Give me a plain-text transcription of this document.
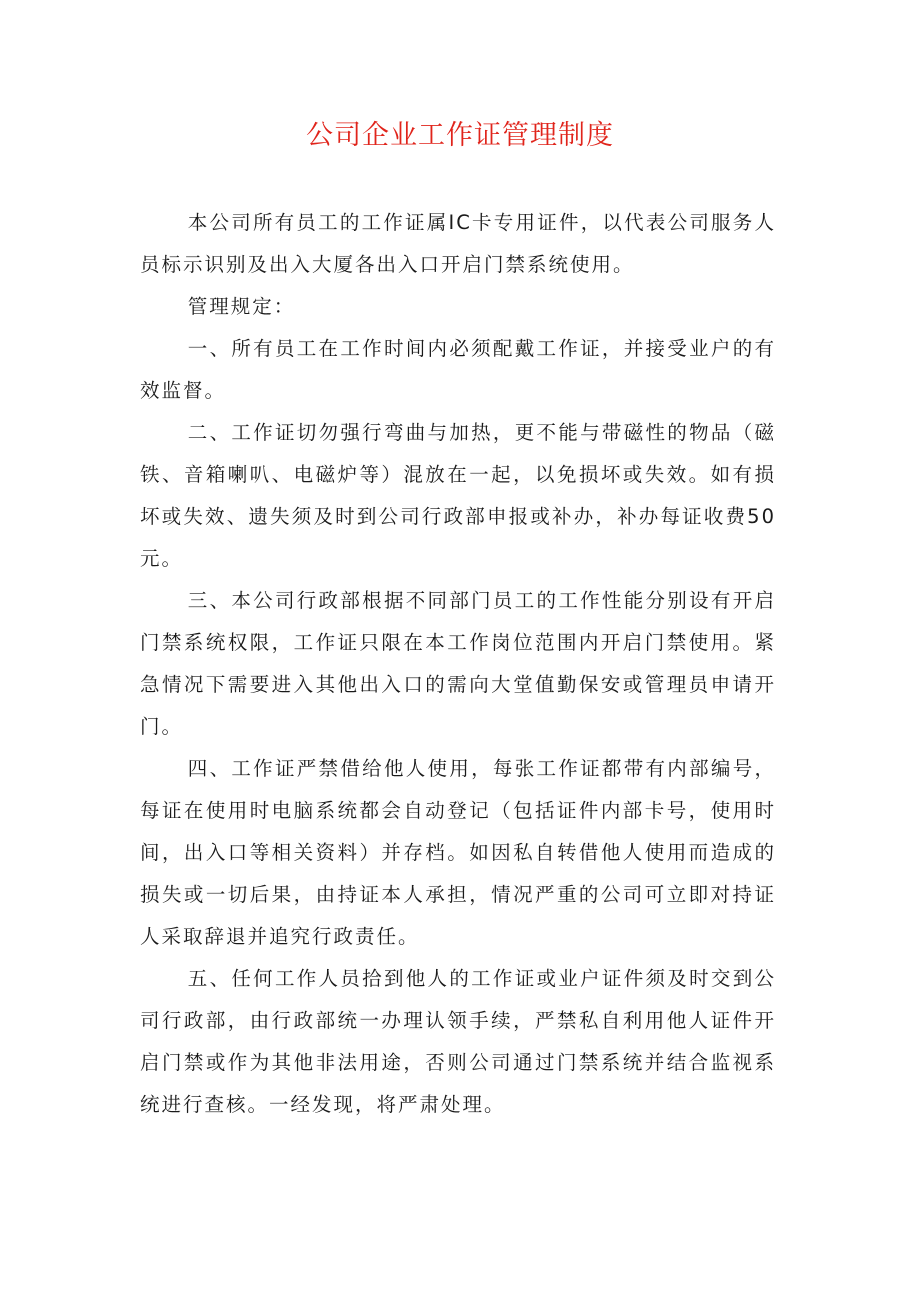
公司企业工作证管理制度

本公司所有员工的工作证属IC卡专用证件，以代表公司服务人员标示识别及出入大厦各出入口开启门禁系统使用。

管理规定：

一、所有员工在工作时间内必须配戴工作证，并接受业户的有效监督。

二、工作证切勿强行弯曲与加热，更不能与带磁性的物品（磁铁、音箱喇叭、电磁炉等）混放在一起，以免损坏或失效。如有损坏或失效、遗失须及时到公司行政部申报或补办，补办每证收费50元。

三、本公司行政部根据不同部门员工的工作性能分别设有开启门禁系统权限，工作证只限在本工作岗位范围内开启门禁使用。紧急情况下需要进入其他出入口的需向大堂值勤保安或管理员申请开门。

四、工作证严禁借给他人使用，每张工作证都带有内部编号，每证在使用时电脑系统都会自动登记（包括证件内部卡号，使用时间，出入口等相关资料）并存档。如因私自转借他人使用而造成的损失或一切后果，由持证本人承担，情况严重的公司可立即对持证人采取辞退并追究行政责任。

五、任何工作人员拾到他人的工作证或业户证件须及时交到公司行政部，由行政部统一办理认领手续，严禁私自利用他人证件开启门禁或作为其他非法用途，否则公司通过门禁系统并结合监视系统进行查核。一经发现，将严肃处理。
